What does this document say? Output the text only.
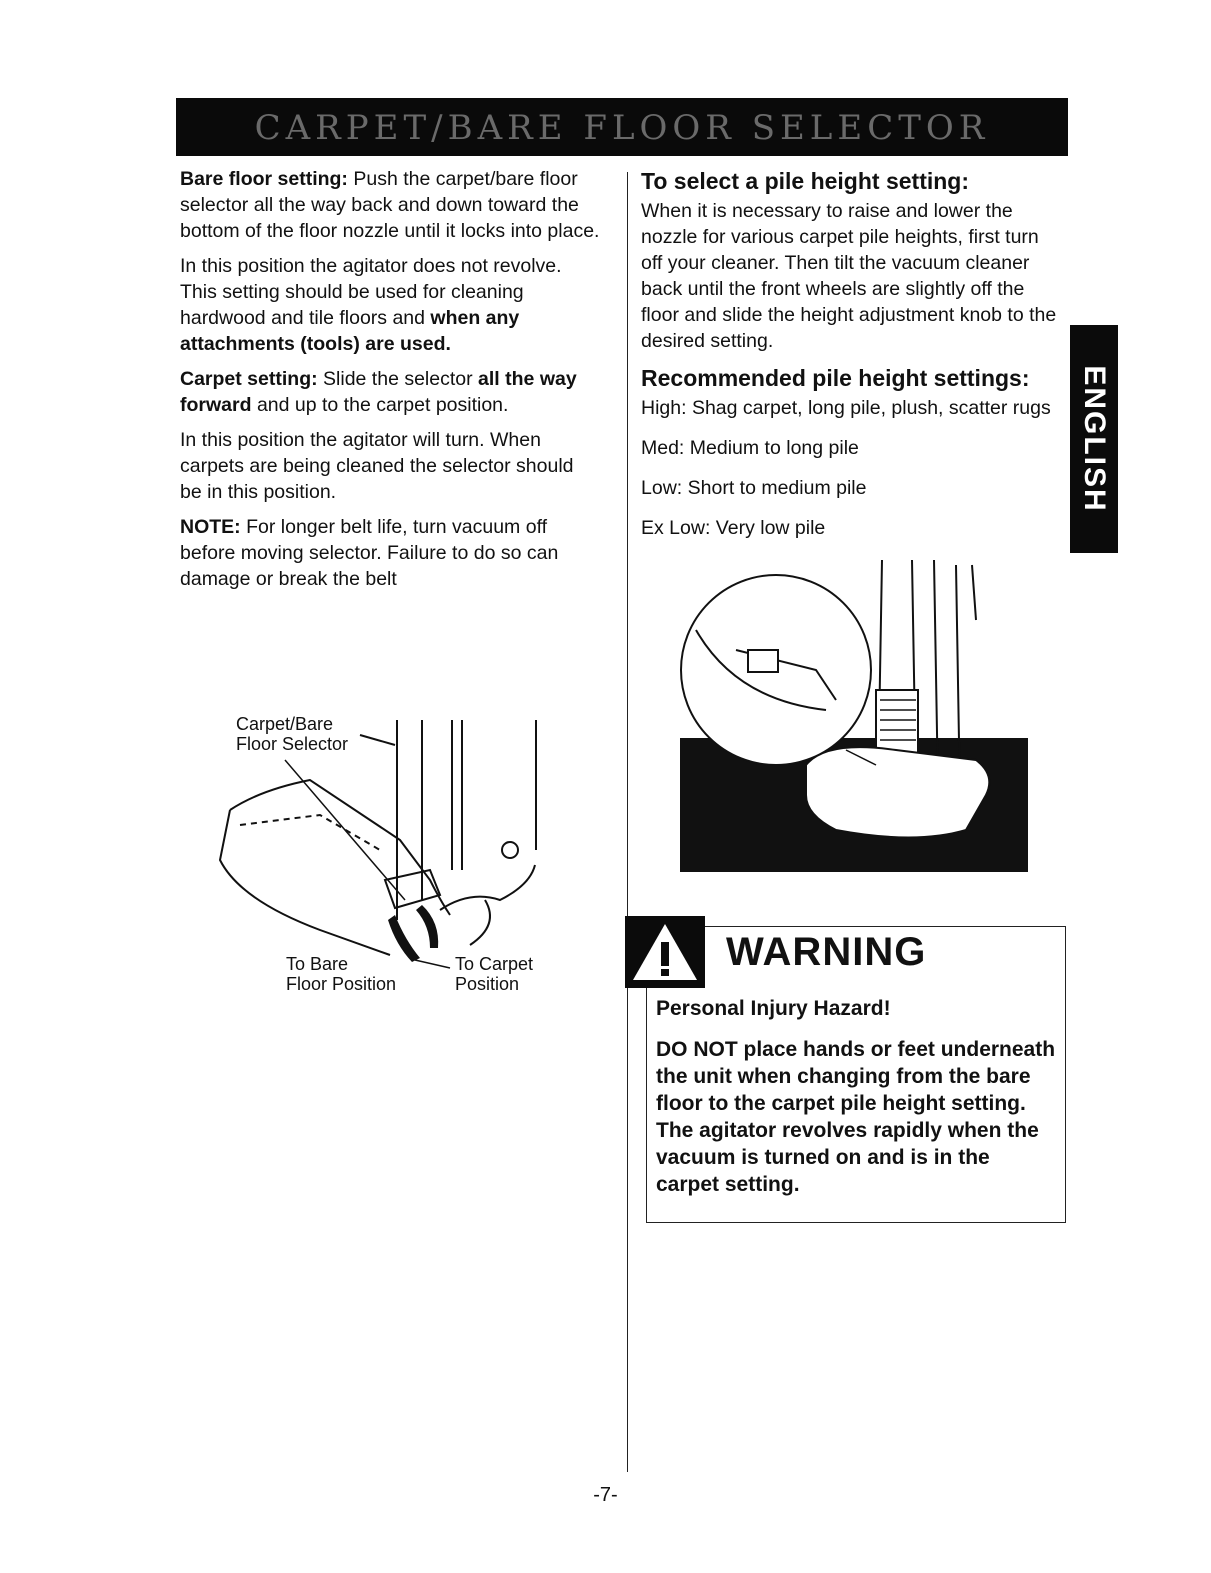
CARPET/BARE FLOOR SELECTOR
ENGLISH

Bare floor setting: Push the carpet/bare floor selector all the way back and down toward the bottom of the floor nozzle until it locks into place.

In this position the agitator does not revolve. This setting should be used for cleaning hardwood and tile floors and when any attachments (tools) are used.

Carpet setting: Slide the selector all the way forward and up to the carpet position.

In this position the agitator will turn. When carpets are being cleaned the selector should be in this position.

NOTE: For longer belt life, turn vacuum off before moving selector. Failure to do so can damage or break the belt

Carpet/Bare
Floor Selector
To Bare
Floor Position
To Carpet
Position
To select a pile height setting:

When it is necessary to raise and lower the nozzle for various carpet pile heights, first turn off your cleaner. Then tilt the vacuum cleaner back until the front wheels are slightly off the floor and slide the height adjustment knob to the desired setting.

Recommended pile height settings:
High: Shag carpet, long pile, plush, scatter rugs
Med: Medium to long pile
Low: Short to medium pile
Ex Low: Very low pile
WARNING
Personal Injury Hazard!
DO NOT place hands or feet underneath the unit when changing from the bare floor to the carpet pile height setting. The agitator revolves rapidly when the vacuum is turned on and is in the carpet setting.
-7-
